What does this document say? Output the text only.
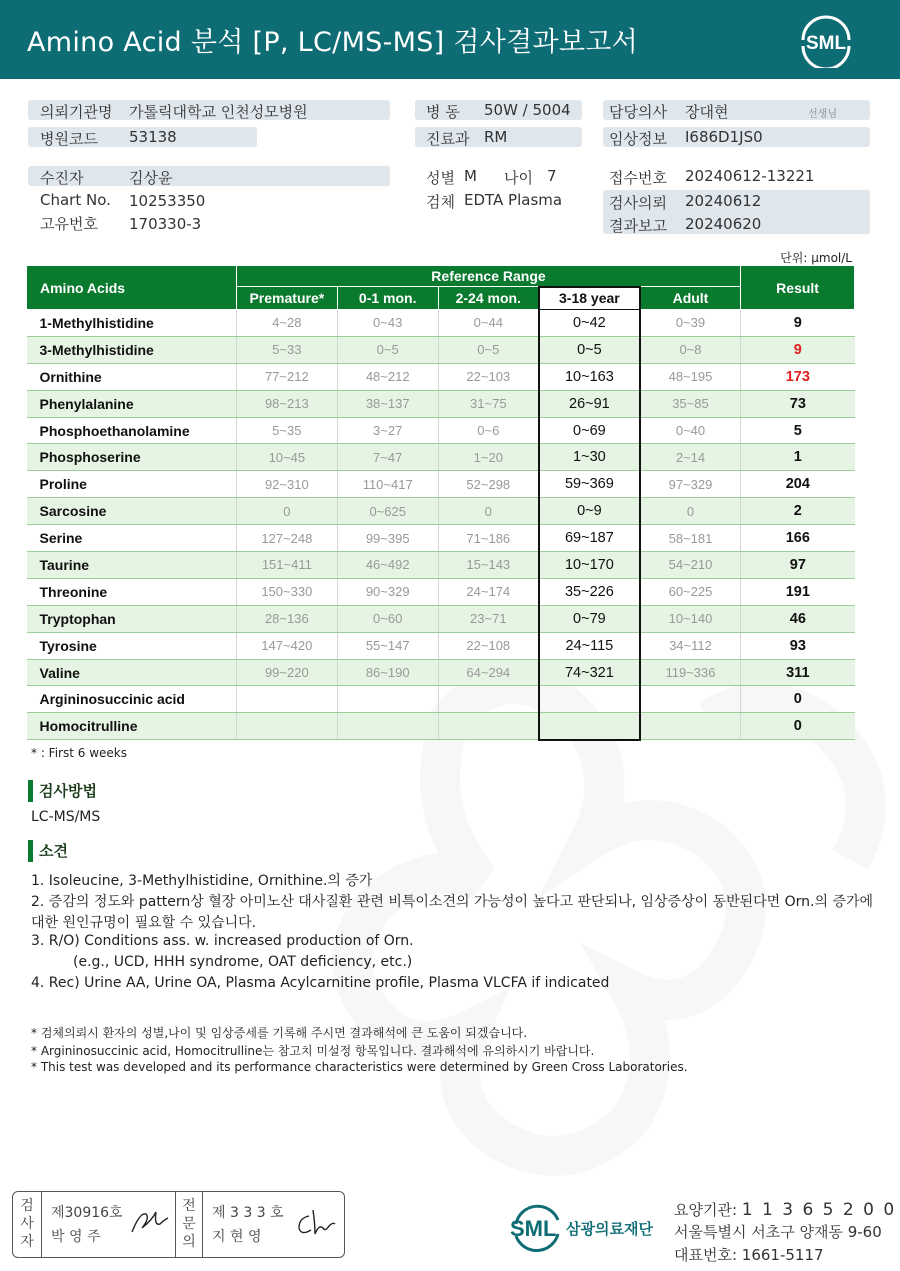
Amino Acid 분석 [P, LC/MS-MS] 검사결과보고서	SML
의뢰기관명 가톨릭대학교 인천성모병원
병원코드 53138
병 동 50W / 5004
진료과 RM
담당의사 장대현	선생님
임상정보 I686D1JS0
수진자	김상윤
Chart No. 10253350
고유번호 170330-3
성별 M 나이 7
검체 EDTA Plasma
접수번호 20240612-13221
검사의뢰 20240612
결과보고 20240620
단위: μmol/L
Amino Acids	Reference Range					Result
	Premature*	0-1 mon.	2-24 mon.	3-18 year	Adult	
1-Methylhistidine	4~28	0~43	0~44	0~42	0~39	9
3-Methylhistidine	5~33	0~5	0~5	0~5	0~8	9
Ornithine	77~212	48~212	22~103	10~163	48~195	173
Phenylalanine	98~213	38~137	31~75	26~91	35~85	73
Phosphoethanolamine	5~35	3~27	0~6	0~69	0~40	5
Phosphoserine	10~45	7~47	1~20	1~30	2~14	1
Proline	92~310	110~417	52~298	59~369	97~329	204
Sarcosine	0	0~625	0	0~9	0	2
Serine	127~248	99~395	71~186	69~187	58~181	166
Taurine	151~411	46~492	15~143	10~170	54~210	97
Threonine	150~330	90~329	24~174	35~226	60~225	191
Tryptophan	28~136	0~60	23~71	0~79	10~140	46
Tyrosine	147~420	55~147	22~108	24~115	34~112	93
Valine	99~220	86~190	64~294	74~321	119~336	311
Argininosuccinic acid						0
Homocitrulline						0
* : First 6 weeks
검사방법
LC-MS/MS
소견
1. Isoleucine, 3-Methylhistidine, Ornithine.의 증가
2. 증감의 정도와 pattern상 혈장 아미노산 대사질환 관련 비특이소견의 가능성이 높다고 판단되나, 임상증상이 동반된다면 Orn.의 증가에
대한 원인규명이 필요할 수 있습니다.
3. R/O) Conditions ass. w. increased production of Orn.
(e.g., UCD, HHH syndrome, OAT deficiency, etc.)
4. Rec) Urine AA, Urine OA, Plasma Acylcarnitine profile, Plasma VLCFA if indicated
* 검체의뢰시 환자의 성별,나이 및 임상증세를 기록해 주시면 결과해석에 큰 도움이 되겠습니다.
* Argininosuccinic acid, Homocitrulline는 참고치 미설정 항목입니다. 결과해석에 유의하시기 바랍니다.
* This test was developed and its performance characteristics were determined by Green Cross Laboratories.
검사자
제30916호
박 영 주
전문의
제 3 3 3 호
지 현 영	SML 삼광의료재단
요양기관: 1 1 3 6 5 2 0 0
서울특별시 서초구 양재동 9-60
대표번호: 1661-5117
